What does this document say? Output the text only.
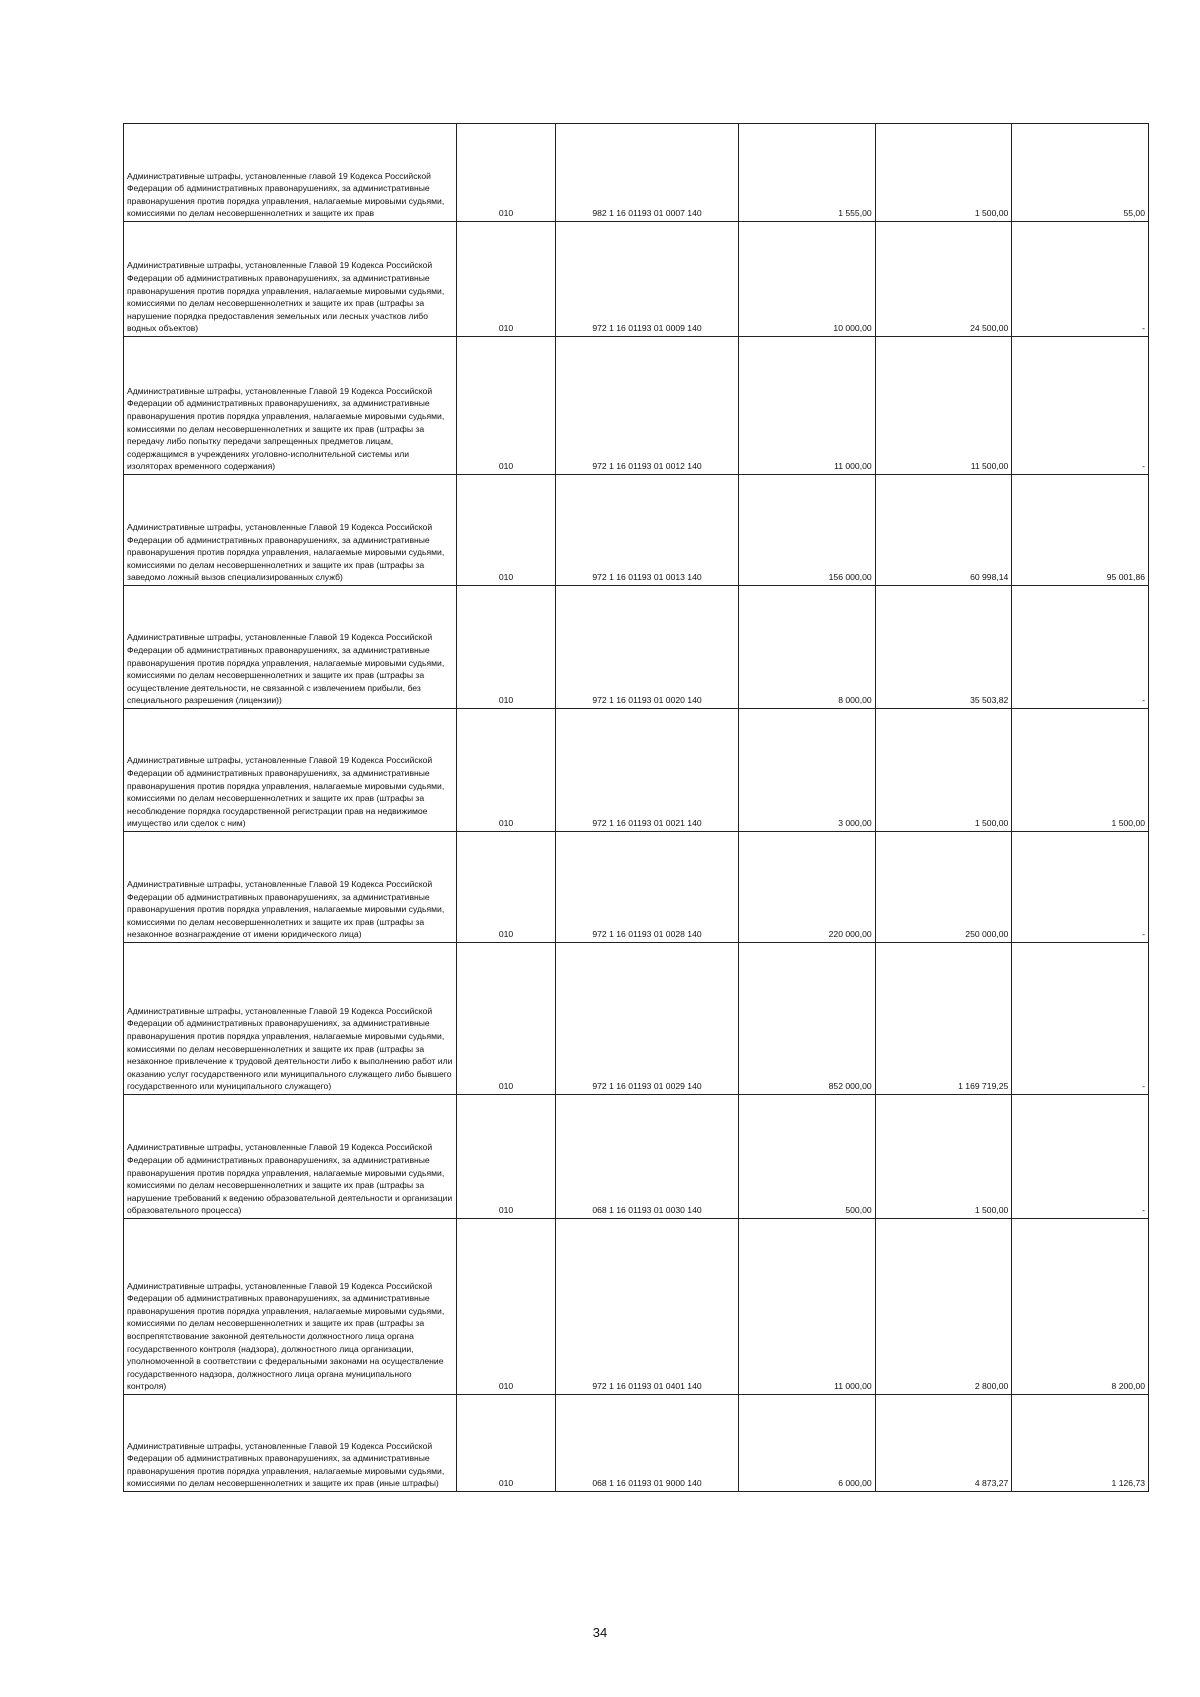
Административные штрафы, установленные главой 19 Кодекса Российской Федерации об административных правонарушениях, за административные правонарушения против порядка управления, налагаемые мировыми судьями, комиссиями по делам несовершеннолетних и защите их прав	010	982 1 16 01193 01 0007 140	1 555,00	1 500,00	55,00
Административные штрафы, установленные Главой 19 Кодекса Российской Федерации об административных правонарушениях, за административные правонарушения против порядка управления, налагаемые мировыми судьями, комиссиями по делам несовершеннолетних и защите их прав (штрафы за нарушение порядка предоставления земельных или лесных участков либо водных объектов)	010	972 1 16 01193 01 0009 140	10 000,00	24 500,00	-
Административные штрафы, установленные Главой 19 Кодекса Российской Федерации об административных правонарушениях, за административные правонарушения против порядка управления, налагаемые мировыми судьями, комиссиями по делам несовершеннолетних и защите их прав (штрафы за передачу либо попытку передачи запрещенных предметов лицам, содержащимся в учреждениях уголовно-исполнительной системы или изоляторах временного содержания)	010	972 1 16 01193 01 0012 140	11 000,00	11 500,00	-
Административные штрафы, установленные Главой 19 Кодекса Российской Федерации об административных правонарушениях, за административные правонарушения против порядка управления, налагаемые мировыми судьями, комиссиями по делам несовершеннолетних и защите их прав (штрафы за заведомо ложный вызов специализированных служб)	010	972 1 16 01193 01 0013 140	156 000,00	60 998,14	95 001,86
Административные штрафы, установленные Главой 19 Кодекса Российской Федерации об административных правонарушениях, за административные правонарушения против порядка управления, налагаемые мировыми судьями, комиссиями по делам несовершеннолетних и защите их прав (штрафы за осуществление деятельности, не связанной с извлечением прибыли, без специального разрешения (лицензии))	010	972 1 16 01193 01 0020 140	8 000,00	35 503,82	-
Административные штрафы, установленные Главой 19 Кодекса Российской Федерации об административных правонарушениях, за административные правонарушения против порядка управления, налагаемые мировыми судьями, комиссиями по делам несовершеннолетних и защите их прав (штрафы за несоблюдение порядка государственной регистрации прав на недвижимое имущество или сделок с ним)	010	972 1 16 01193 01 0021 140	3 000,00	1 500,00	1 500,00
Административные штрафы, установленные Главой 19 Кодекса Российской Федерации об административных правонарушениях, за административные правонарушения против порядка управления, налагаемые мировыми судьями, комиссиями по делам несовершеннолетних и защите их прав (штрафы за незаконное вознаграждение от имени юридического лица)	010	972 1 16 01193 01 0028 140	220 000,00	250 000,00	-
Административные штрафы, установленные Главой 19 Кодекса Российской Федерации об административных правонарушениях, за административные правонарушения против порядка управления, налагаемые мировыми судьями, комиссиями по делам несовершеннолетних и защите их прав (штрафы за незаконное привлечение к трудовой деятельности либо к выполнению работ или оказанию услуг государственного или муниципального служащего либо бывшего государственного или муниципального служащего)	010	972 1 16 01193 01 0029 140	852 000,00	1 169 719,25	-
Административные штрафы, установленные Главой 19 Кодекса Российской Федерации об административных правонарушениях, за административные правонарушения против порядка управления, налагаемые мировыми судьями, комиссиями по делам несовершеннолетних и защите их прав (штрафы за нарушение требований к ведению образовательной деятельности и организации образовательного процесса)	010	068 1 16 01193 01 0030 140	500,00	1 500,00	-
Административные штрафы, установленные Главой 19 Кодекса Российской Федерации об административных правонарушениях, за административные правонарушения против порядка управления, налагаемые мировыми судьями, комиссиями по делам несовершеннолетних и защите их прав (штрафы за воспрепятствование законной деятельности должностного лица органа государственного контроля (надзора), должностного лица организации, уполномоченной в соответствии с федеральными законами на осуществление государственного надзора, должностного лица органа муниципального контроля)	010	972 1 16 01193 01 0401 140	11 000,00	2 800,00	8 200,00
Административные штрафы, установленные Главой 19 Кодекса Российской Федерации об административных правонарушениях, за административные правонарушения против порядка управления, налагаемые мировыми судьями, комиссиями по делам несовершеннолетних и защите их прав (иные штрафы)	010	068 1 16 01193 01 9000 140	6 000,00	4 873,27	1 126,73
34
